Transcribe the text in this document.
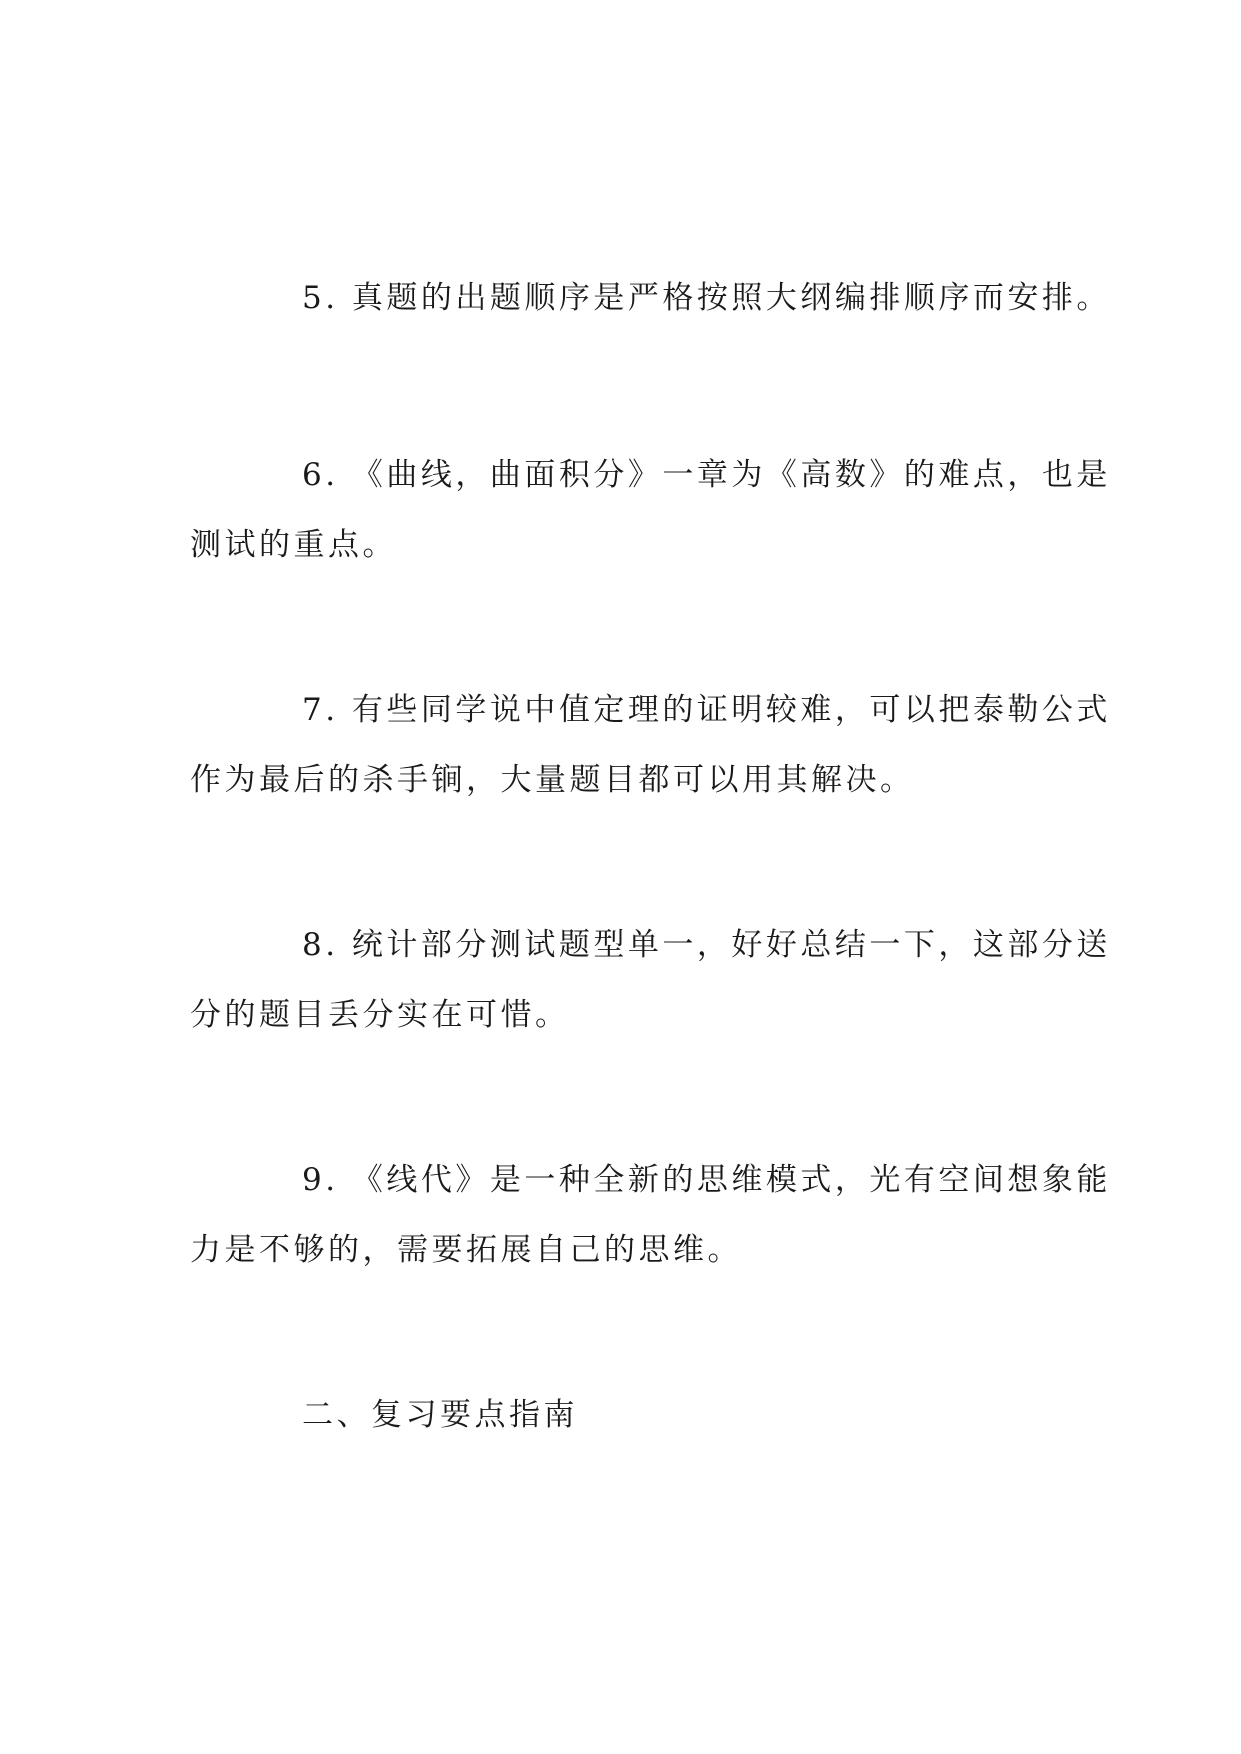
5. 真题的出题顺序是严格按照大纲编排顺序而安排。

6. 《曲线，曲面积分》一章为《高数》的难点，也是
测试的重点。

7. 有些同学说中值定理的证明较难，可以把泰勒公式
作为最后的杀手锏，大量题目都可以用其解决。

8. 统计部分测试题型单一，好好总结一下，这部分送
分的题目丢分实在可惜。

9. 《线代》是一种全新的思维模式，光有空间想象能
力是不够的，需要拓展自己的思维。

二、复习要点指南
